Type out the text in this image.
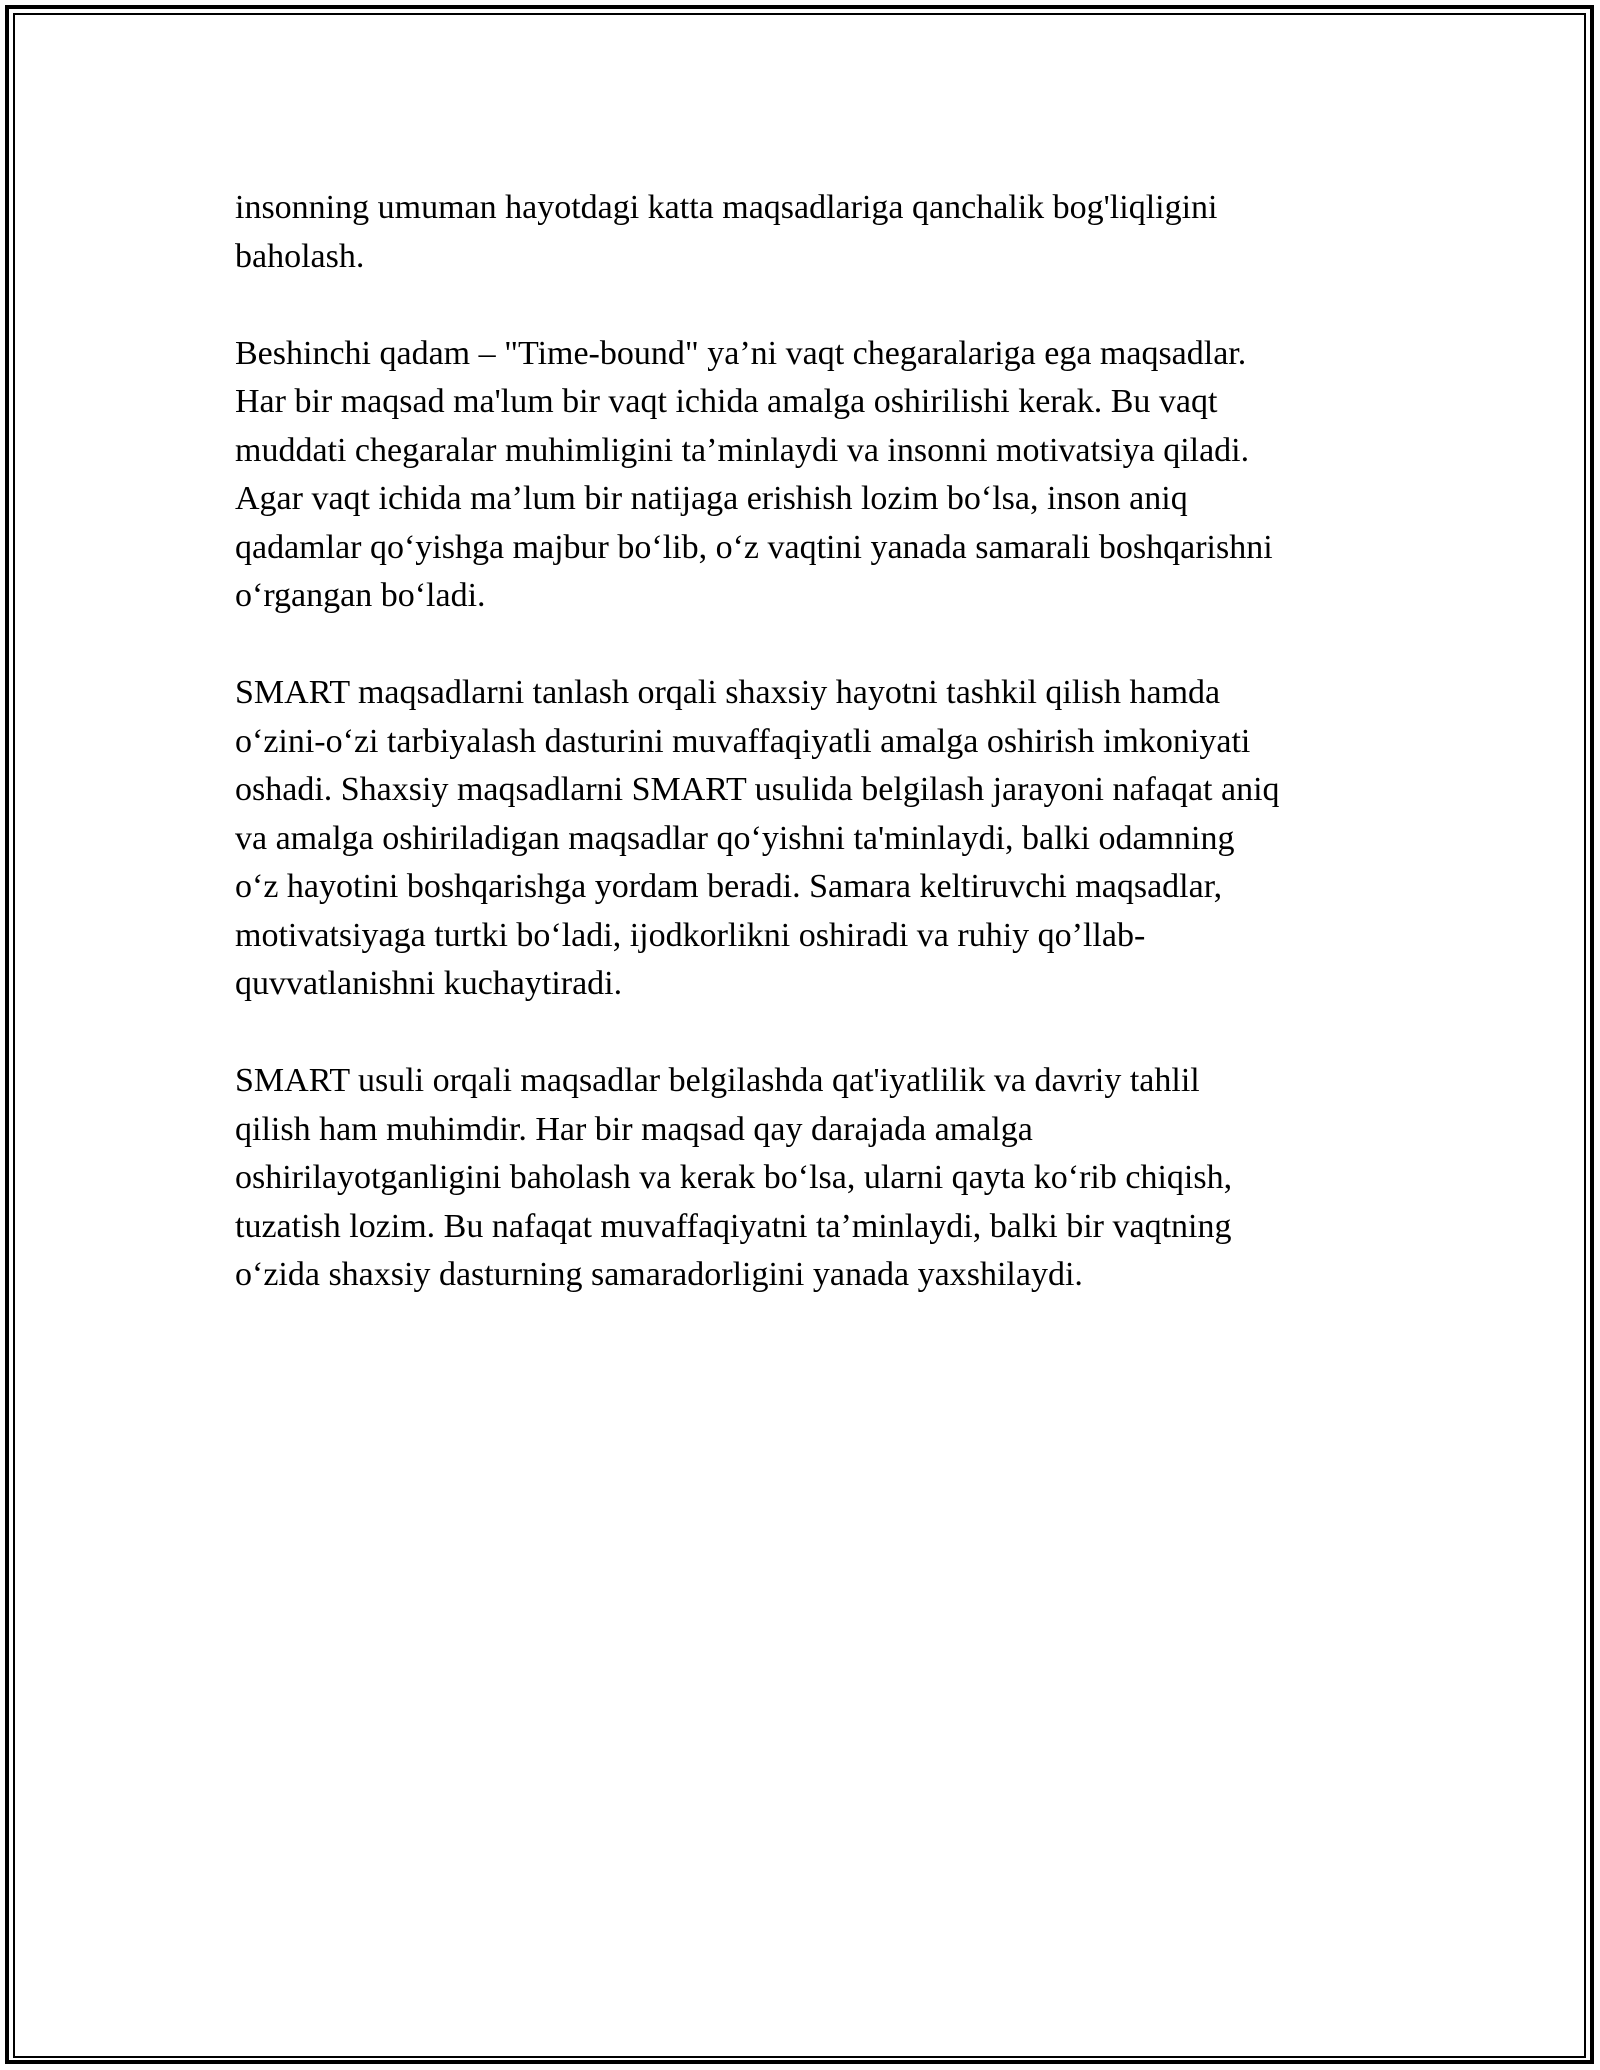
insonning umuman hayotdagi katta maqsadlariga qanchalik bog'liqligini
baholash.

Beshinchi qadam – "Time-bound" ya’ni vaqt chegaralariga ega maqsadlar.
Har bir maqsad ma'lum bir vaqt ichida amalga oshirilishi kerak. Bu vaqt
muddati chegaralar muhimligini ta’minlaydi va insonni motivatsiya qiladi.
Agar vaqt ichida ma’lum bir natijaga erishish lozim bo‘lsa, inson aniq
qadamlar qo‘yishga majbur bo‘lib, o‘z vaqtini yanada samarali boshqarishni
o‘rgangan bo‘ladi.

SMART maqsadlarni tanlash orqali shaxsiy hayotni tashkil qilish hamda
o‘zini-o‘zi tarbiyalash dasturini muvaffaqiyatli amalga oshirish imkoniyati
oshadi. Shaxsiy maqsadlarni SMART usulida belgilash jarayoni nafaqat aniq
va amalga oshiriladigan maqsadlar qo‘yishni ta'minlaydi, balki odamning
o‘z hayotini boshqarishga yordam beradi. Samara keltiruvchi maqsadlar,
motivatsiyaga turtki bo‘ladi, ijodkorlikni oshiradi va ruhiy qo’llab-
quvvatlanishni kuchaytiradi.

SMART usuli orqali maqsadlar belgilashda qat'iyatlilik va davriy tahlil
qilish ham muhimdir. Har bir maqsad qay darajada amalga
oshirilayotganligini baholash va kerak bo‘lsa, ularni qayta ko‘rib chiqish,
tuzatish lozim. Bu nafaqat muvaffaqiyatni ta’minlaydi, balki bir vaqtning
o‘zida shaxsiy dasturning samaradorligini yanada yaxshilaydi.
